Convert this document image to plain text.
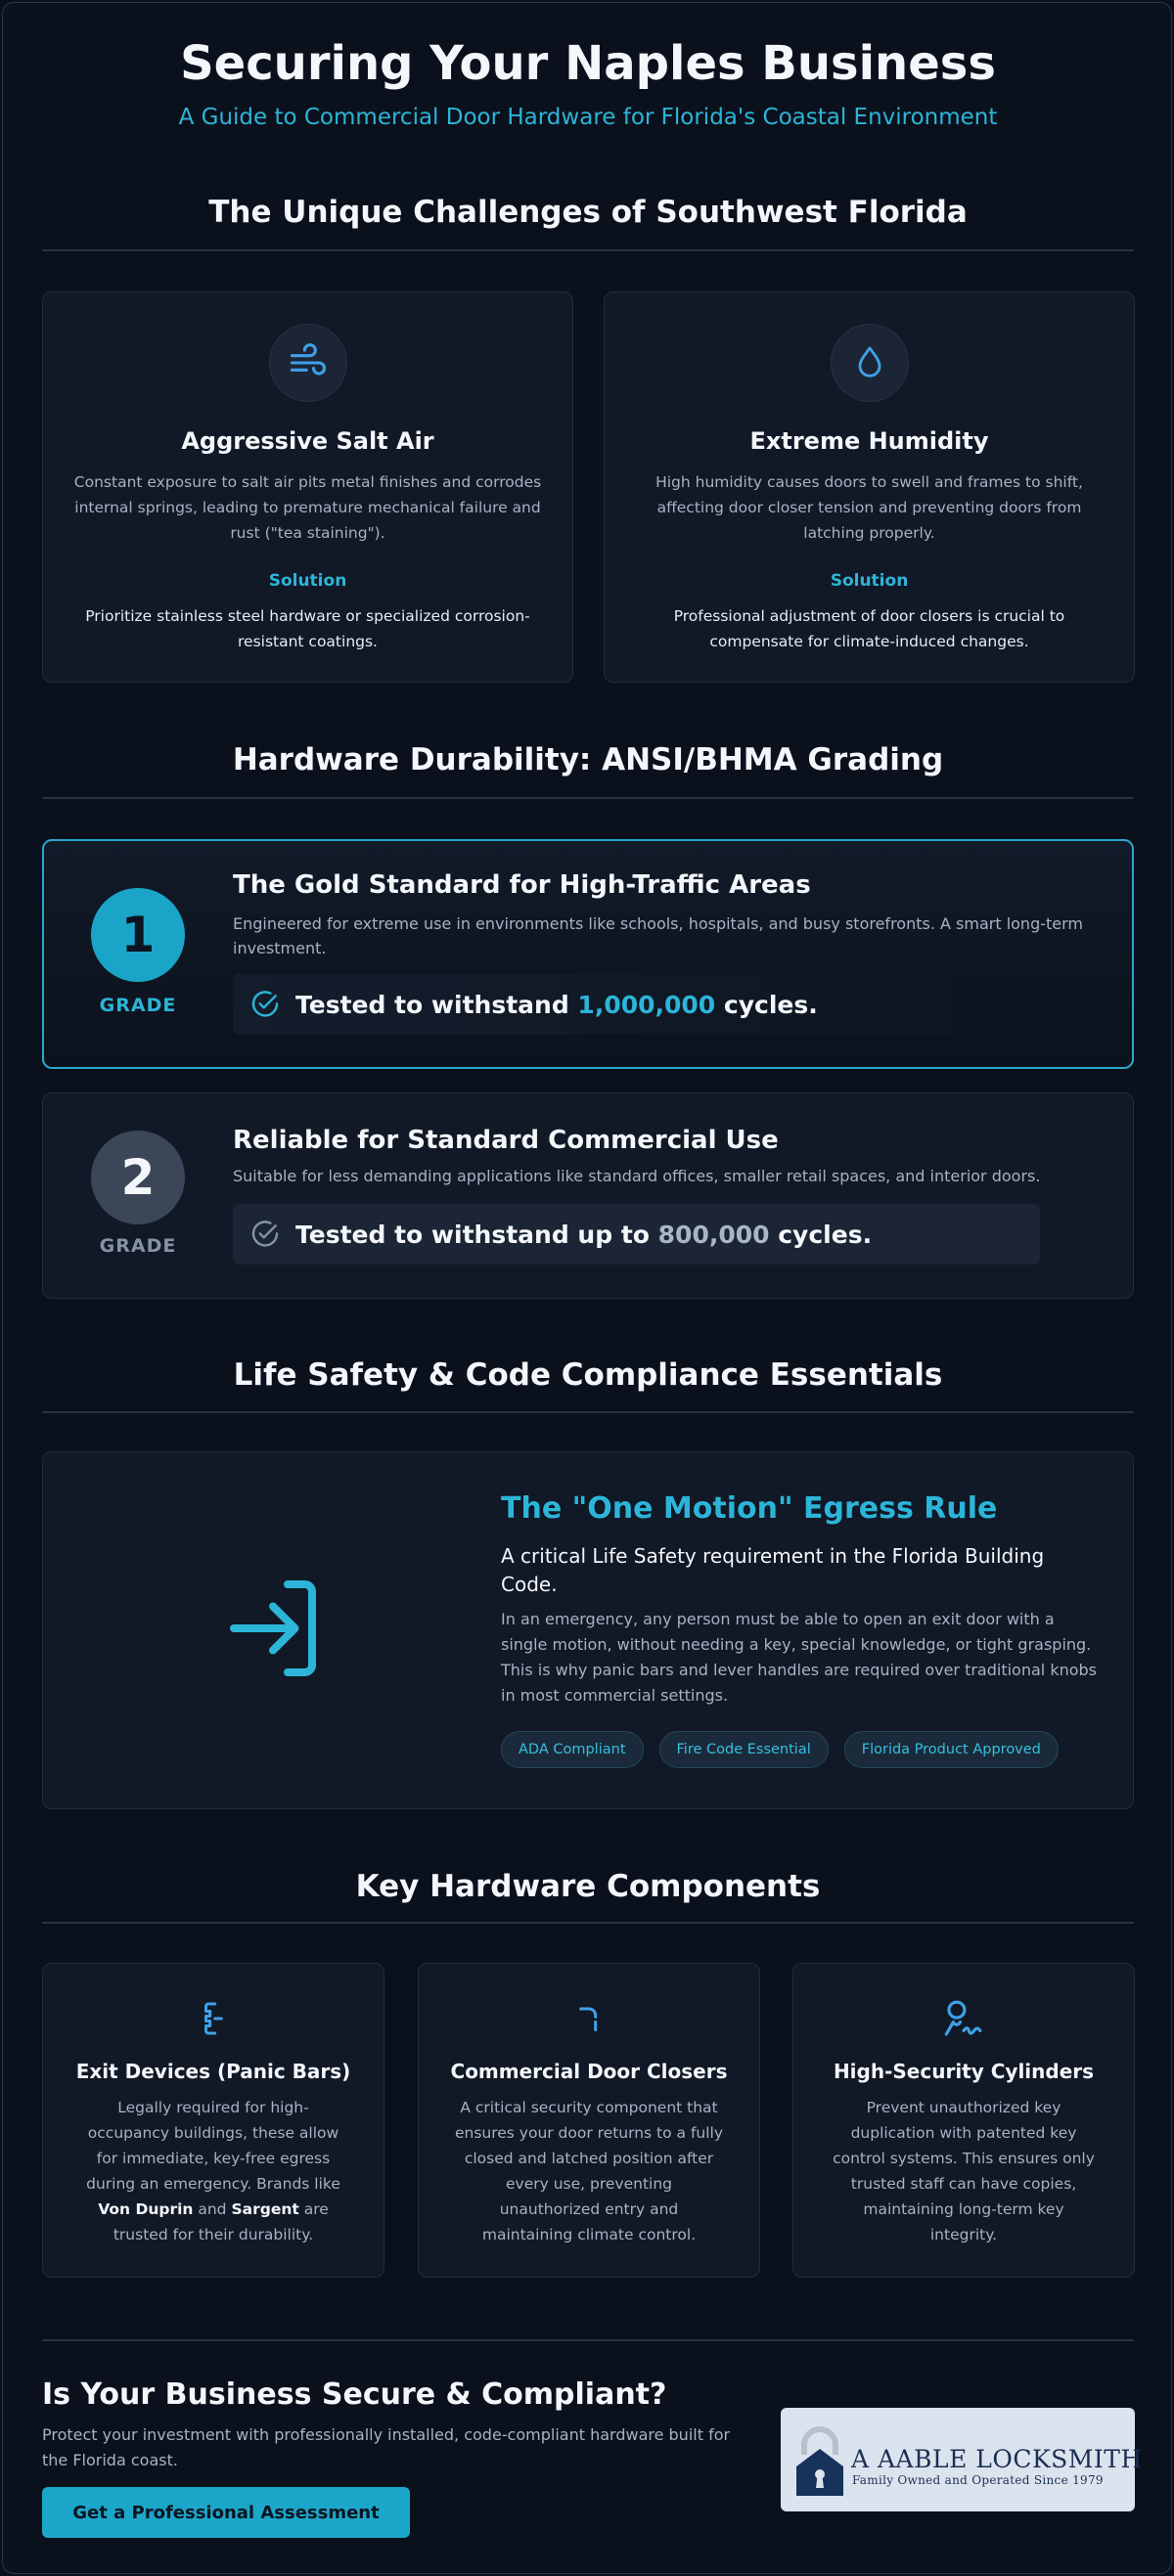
Securing Your Naples Business
A Guide to Commercial Door Hardware for Florida's Coastal Environment
The Unique Challenges of Southwest Florida
Aggressive Salt Air
Constant exposure to salt air pits metal finishes and corrodes internal springs, leading to premature mechanical failure and rust ("tea staining").
Solution
Prioritize stainless steel hardware or specialized corrosion-resistant coatings.
Extreme Humidity
High humidity causes doors to swell and frames to shift, affecting door closer tension and preventing doors from latching properly.
Solution
Professional adjustment of door closers is crucial to compensate for climate-induced changes.
Hardware Durability: ANSI/BHMA Grading
1
GRADE
The Gold Standard for High-Traffic Areas
Engineered for extreme use in environments like schools, hospitals, and busy storefronts. A smart long-term investment.
Tested to withstand 1,000,000 cycles.
2
GRADE
Reliable for Standard Commercial Use
Suitable for less demanding applications like standard offices, smaller retail spaces, and interior doors.
Tested to withstand up to 800,000 cycles.
Life Safety & Code Compliance Essentials
The "One Motion" Egress Rule
A critical Life Safety requirement in the Florida Building Code.
In an emergency, any person must be able to open an exit door with a single motion, without needing a key, special knowledge, or tight grasping. This is why panic bars and lever handles are required over traditional knobs in most commercial settings.
ADA Compliant	Fire Code Essential	Florida Product Approved
Key Hardware Components
Exit Devices (Panic Bars)
Legally required for high-occupancy buildings, these allow for immediate, key-free egress during an emergency. Brands like Von Duprin and Sargent are trusted for their durability.
Commercial Door Closers
A critical security component that ensures your door returns to a fully closed and latched position after every use, preventing unauthorized entry and maintaining climate control.
High-Security Cylinders
Prevent unauthorized key duplication with patented key control systems. This ensures only trusted staff can have copies, maintaining long-term key integrity.
Is Your Business Secure & Compliant?
Protect your investment with professionally installed, code-compliant hardware built for the Florida coast.
Get a Professional Assessment
A AABLE LOCKSMITH
Family Owned and Operated Since 1979
